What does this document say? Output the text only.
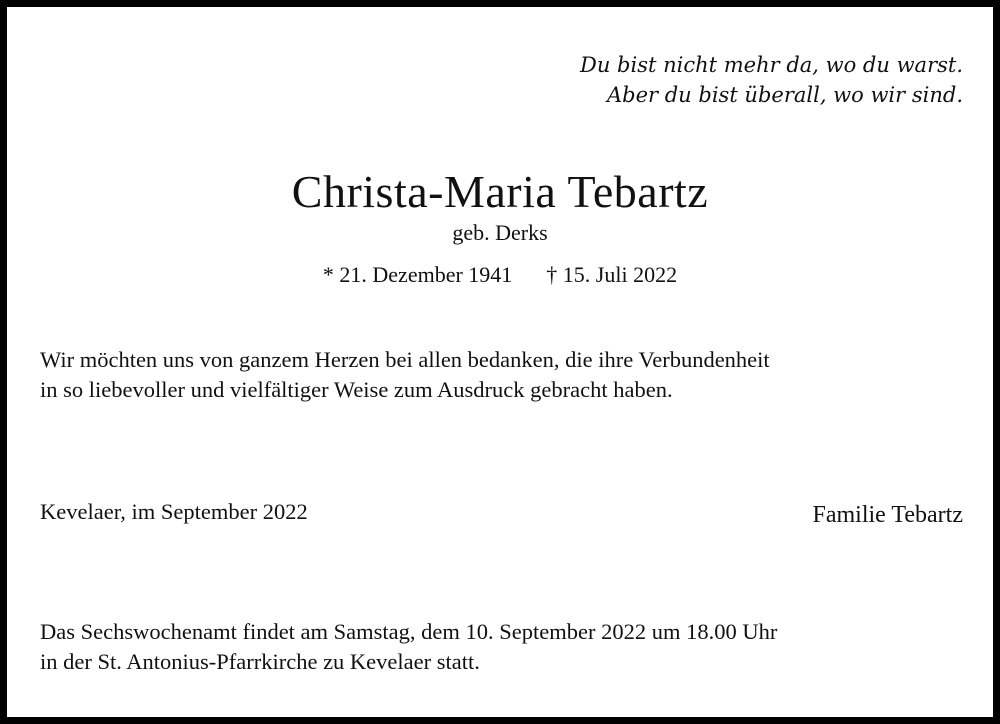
Du bist nicht mehr da, wo du warst.
Aber du bist überall, wo wir sind.
Christa-Maria Tebartz
geb. Derks
* 21. Dezember 1941 † 15. Juli 2022
Wir möchten uns von ganzem Herzen bei allen bedanken, die ihre Verbundenheit
in so liebevoller und vielfältiger Weise zum Ausdruck gebracht haben.
Kevelaer, im September 2022	Familie Tebartz
Das Sechswochenamt findet am Samstag, dem 10. September 2022 um 18.00 Uhr
in der St. Antonius-Pfarrkirche zu Kevelaer statt.
